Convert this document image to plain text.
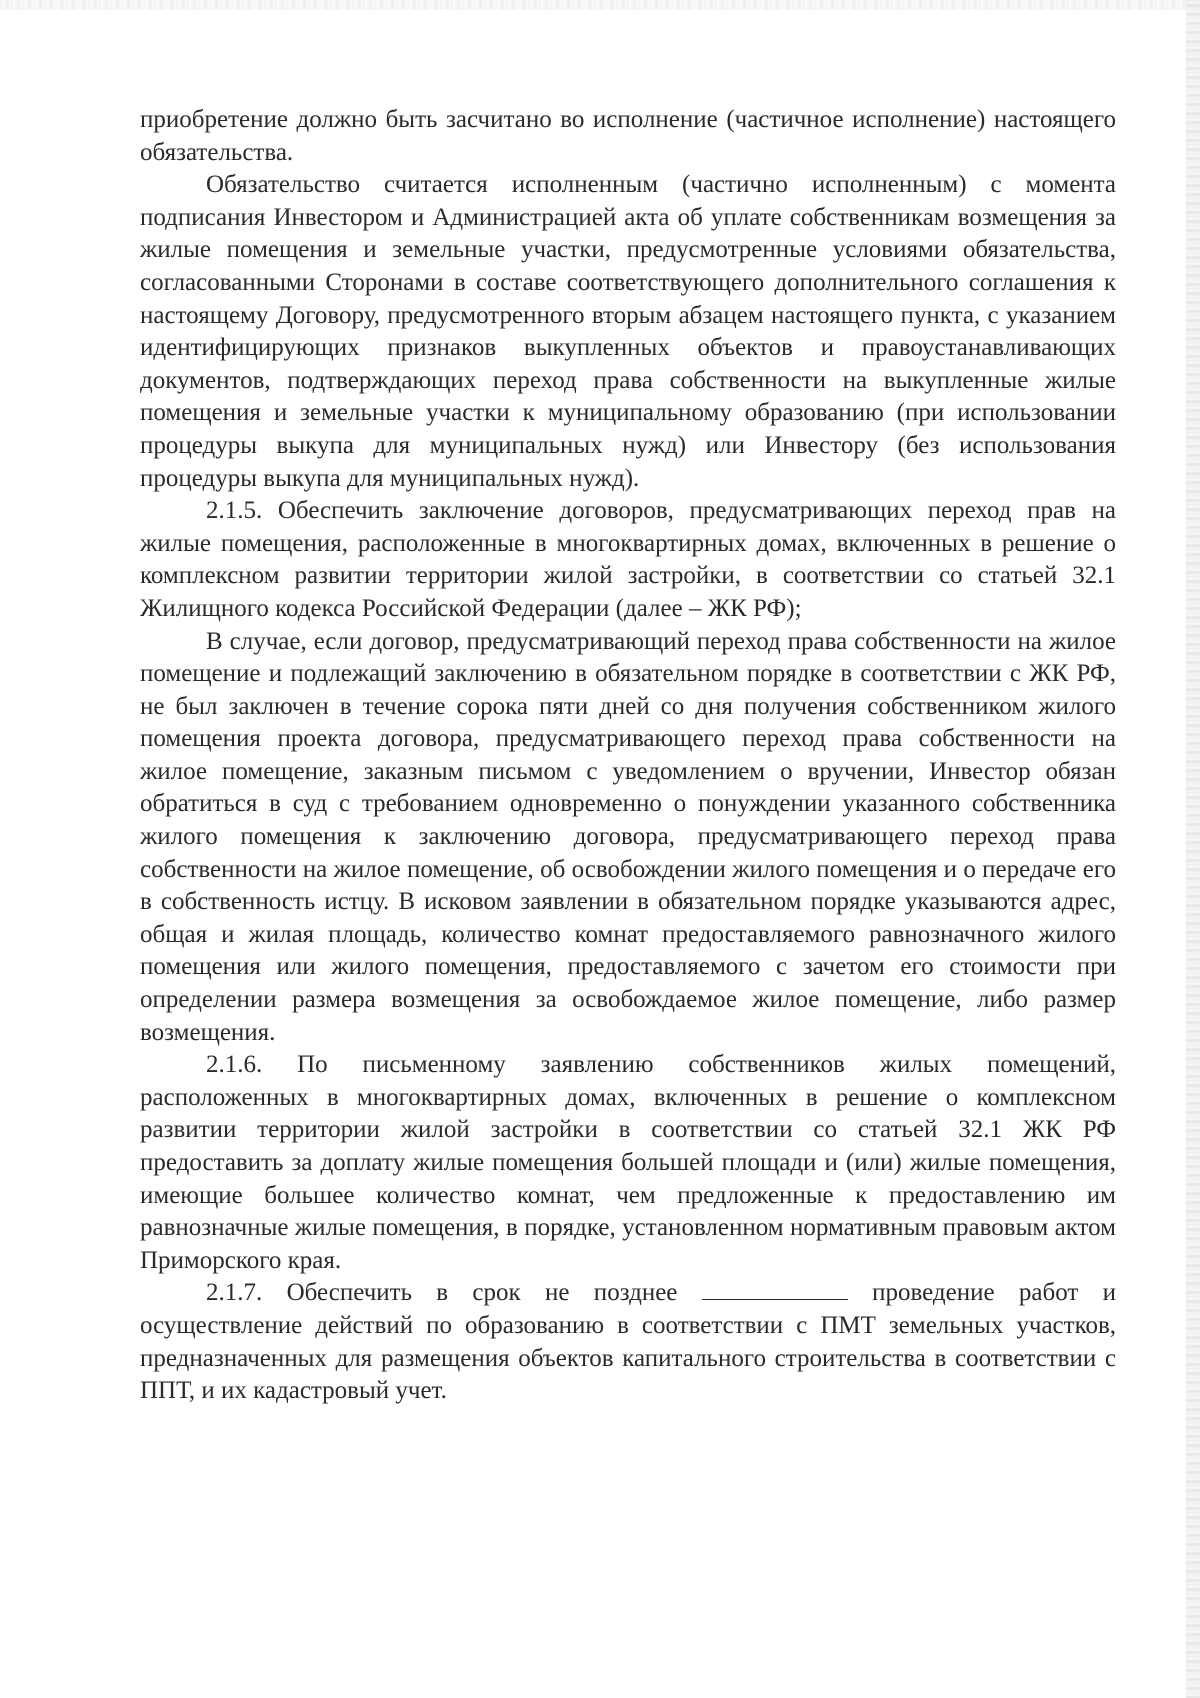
приобретение должно быть засчитано во исполнение (частичное исполнение) настоящего обязательства.

Обязательство считается исполненным (частично исполненным) с момента подписания Инвестором и Администрацией акта об уплате собственникам возмещения за жилые помещения и земельные участки, предусмотренные условиями обязательства, согласованными Сторонами в составе соответствующего дополнительного соглашения к настоящему Договору, предусмотренного вторым абзацем настоящего пункта, с указанием идентифицирующих признаков выкупленных объектов и правоустанавливающих документов, подтверждающих переход права собственности на выкупленные жилые помещения и земельные участки к муниципальному образованию (при использовании процедуры выкупа для муниципальных нужд) или Инвестору (без использования процедуры выкупа для муниципальных нужд).

2.1.5. Обеспечить заключение договоров, предусматривающих переход прав на жилые помещения, расположенные в многоквартирных домах, включенных в решение о комплексном развитии территории жилой застройки, в соответствии со статьей 32.1 Жилищного кодекса Российской Федерации (далее – ЖК РФ);

В случае, если договор, предусматривающий переход права собственности на жилое помещение и подлежащий заключению в обязательном порядке в соответствии с ЖК РФ, не был заключен в течение сорока пяти дней со дня получения собственником жилого помещения проекта договора, предусматривающего переход права собственности на жилое помещение, заказным письмом с уведомлением о вручении, Инвестор обязан обратиться в суд с требованием одновременно о понуждении указанного собственника жилого помещения к заключению договора, предусматривающего переход права собственности на жилое помещение, об освобождении жилого помещения и о передаче его в собственность истцу. В исковом заявлении в обязательном порядке указываются адрес, общая и жилая площадь, количество комнат предоставляемого равнозначного жилого помещения или жилого помещения, предоставляемого с зачетом его стоимости при определении размера возмещения за освобождаемое жилое помещение, либо размер возмещения.

2.1.6. По письменному заявлению собственников жилых помещений, расположенных в многоквартирных домах, включенных в решение о комплексном развитии территории жилой застройки в соответствии со статьей 32.1 ЖК РФ предоставить за доплату жилые помещения большей площади и (или) жилые помещения, имеющие большее количество комнат, чем предложенные к предоставлению им равнозначные жилые помещения, в порядке, установленном нормативным правовым актом Приморского края.

2.1.7. Обеспечить в срок не позднее	проведение работ и осуществление действий по образованию в соответствии с ПМТ земельных участков, предназначенных для размещения объектов капитального строительства в соответствии с ППТ, и их кадастровый учет.
